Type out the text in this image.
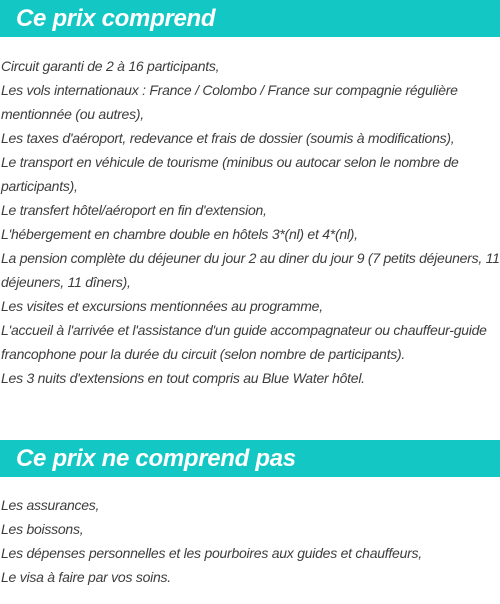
Ce prix comprend
Circuit garanti de 2 à 16 participants,
Les vols internationaux : France / Colombo / France sur compagnie régulière mentionnée (ou autres),
Les taxes d'aéroport, redevance et frais de dossier (soumis à modifications),
Le transport en véhicule de tourisme (minibus ou autocar selon le nombre de participants),
Le transfert hôtel/aéroport en fin d'extension,
L'hébergement en chambre double en hôtels 3*(nl) et 4*(nl),
La pension complète du déjeuner du jour 2 au diner du jour 9 (7 petits déjeuners, 11 déjeuners, 11 dîners),
Les visites et excursions mentionnées au programme,
L'accueil à l'arrivée et l'assistance d'un guide accompagnateur ou chauffeur-guide francophone pour la durée du circuit (selon nombre de participants).
Les 3 nuits d'extensions en tout compris au Blue Water hôtel.
Ce prix ne comprend pas
Les assurances,
Les boissons,
Les dépenses personnelles et les pourboires aux guides et chauffeurs,
Le visa à faire par vos soins.
